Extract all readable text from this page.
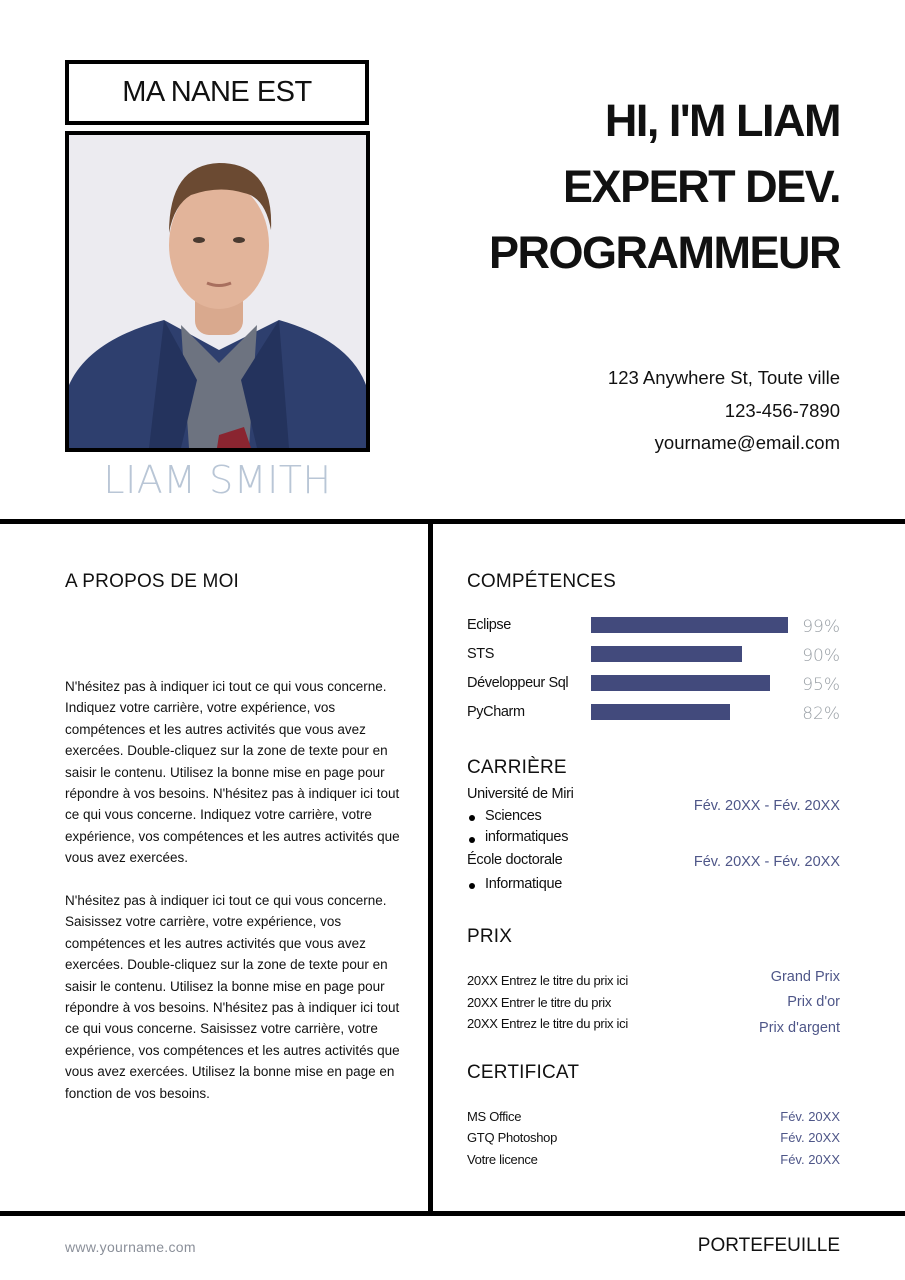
MA NANE EST
LIAM SMITH
HI, I'M LIAM
EXPERT DEV.
PROGRAMMEUR
123 Anywhere St, Toute ville
123-456-7890
yourname@email.com
A PROPOS DE MOI
N'hésitez pas à indiquer ici tout ce qui vous concerne. Indiquez votre carrière, votre expérience, vos compétences et les autres activités que vous avez exercées. Double-cliquez sur la zone de texte pour en saisir le contenu. Utilisez la bonne mise en page pour répondre à vos besoins. N'hésitez pas à indiquer ici tout ce qui vous concerne. Indiquez votre carrière, votre expérience, vos compétences et les autres activités que vous avez exercées.
N'hésitez pas à indiquer ici tout ce qui vous concerne. Saisissez votre carrière, votre expérience, vos compétences et les autres activités que vous avez exercées. Double-cliquez sur la zone de texte pour en saisir le contenu. Utilisez la bonne mise en page pour répondre à vos besoins. N'hésitez pas à indiquer ici tout ce qui vous concerne. Saisissez votre carrière, votre expérience, vos compétences et les autres activités que vous avez exercées. Utilisez la bonne mise en page en fonction de vos besoins.
COMPÉTENCES
Eclipse	99%
STS	90%
Développeur Sql	95%
PyCharm	82%
CARRIÈRE
Université de Miri
Sciences
informatiques
Fév. 20XX - Fév. 20XX
École doctorale
Informatique
Fév. 20XX - Fév. 20XX
PRIX
20XX Entrez le titre du prix ici	Grand Prix
20XX Entrer le titre du prix	Prix d'or
20XX Entrez le titre du prix ici	Prix d'argent
CERTIFICAT
MS Office	Fév. 20XX
GTQ Photoshop	Fév. 20XX
Votre licence	Fév. 20XX
www.yourname.com	PORTEFEUILLE
